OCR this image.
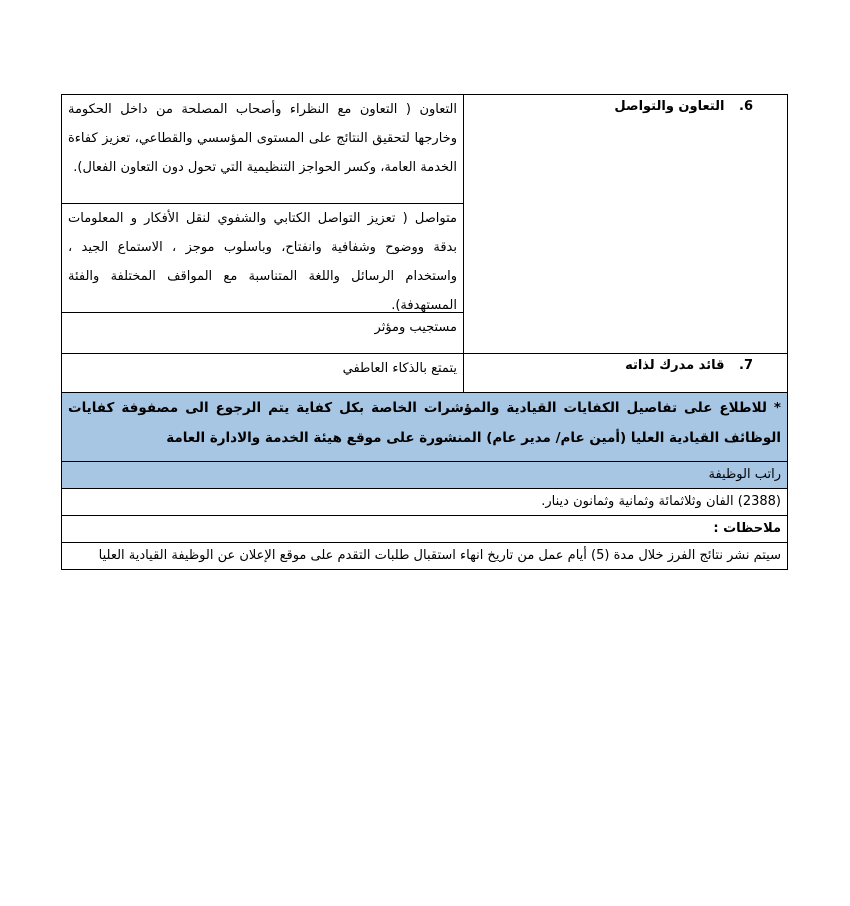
6. التعاون والتواصل	التعاون ( التعاون مع النظراء وأصحاب المصلحة من داخل الحكومة وخارجها لتحقيق النتائج على المستوى المؤسسي والقطاعي، تعزيز كفاءة الخدمة العامة، وكسر الحواجز التنظيمية التي تحول دون التعاون الفعال).
متواصل ( تعزيز التواصل الكتابي والشفوي لنقل الأفكار و المعلومات بدقة ووضوح وشفافية وانفتاح، وباسلوب موجز ، الاستماع الجيد ، واستخدام الرسائل واللغة المتناسبة مع المواقف المختلفة والفئة المستهدفة).
مستجيب ومؤثر

7. قائد مدرك لذاته	يتمتع بالذكاء العاطفي
* للاطلاع على تفاصيل الكفايات القيادية والمؤشرات الخاصة بكل كفاية يتم الرجوع الى مصفوفة كفايات الوظائف القيادية العليا (أمين عام/ مدير عام) المنشورة على موقع هيئة الخدمة والادارة العامة	
راتب الوظيفة	
(2388) الفان وثلاثمائة وثمانية وثمانون دينار.	
ملاحظات :	
سيتم نشر نتائج الفرز خلال مدة (5) أيام عمل من تاريخ انهاء استقبال طلبات التقدم على موقع الإعلان عن الوظيفة القيادية العليا	
